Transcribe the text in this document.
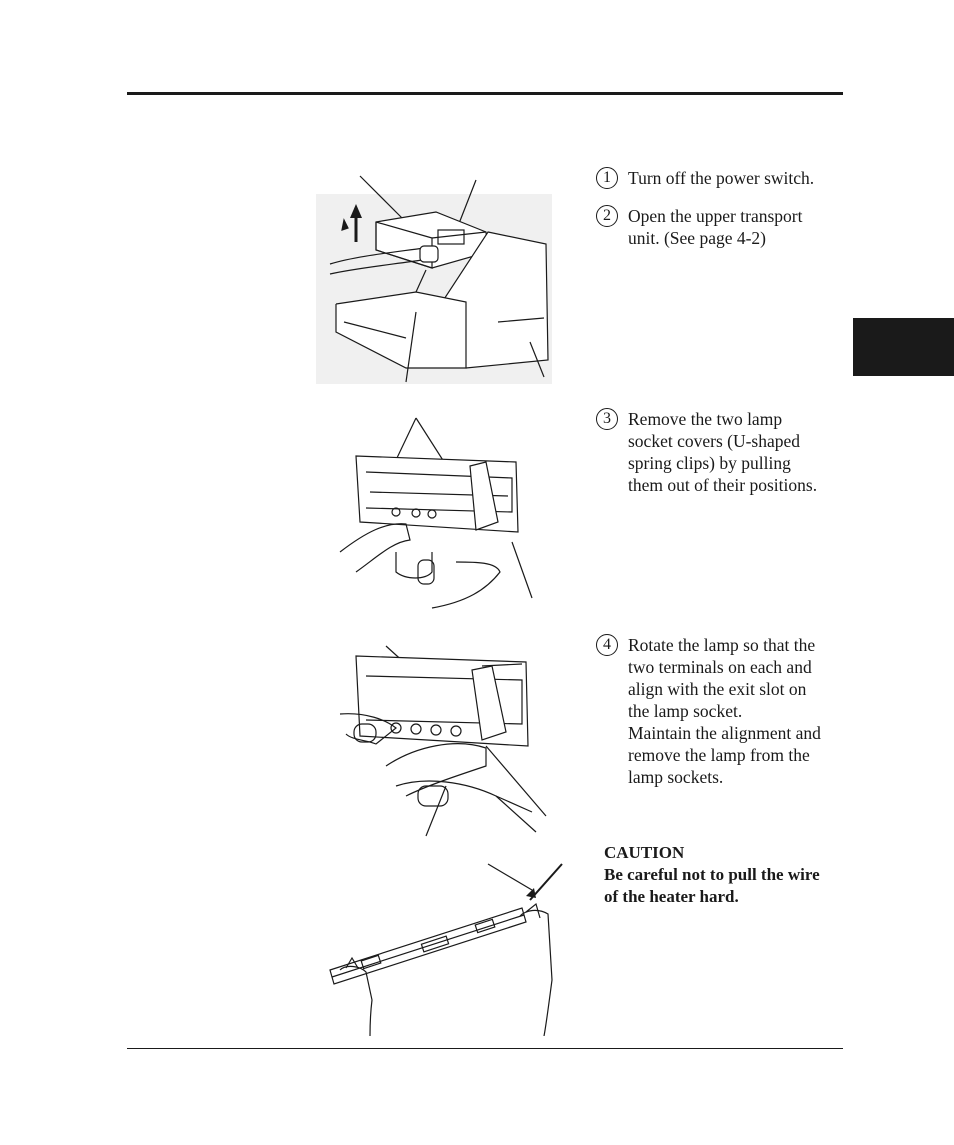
1 Turn off the power switch.
2 Open the upper transport
unit. (See page 4-2)
3 Remove the two lamp
socket covers (U-shaped
spring clips) by pulling
them out of their positions.
4 Rotate the lamp so that the
two terminals on each and
align with the exit slot on
the lamp socket.
Maintain the alignment and
remove the lamp from the
lamp sockets.
CAUTION
Be careful not to pull the wire
of the heater hard.
